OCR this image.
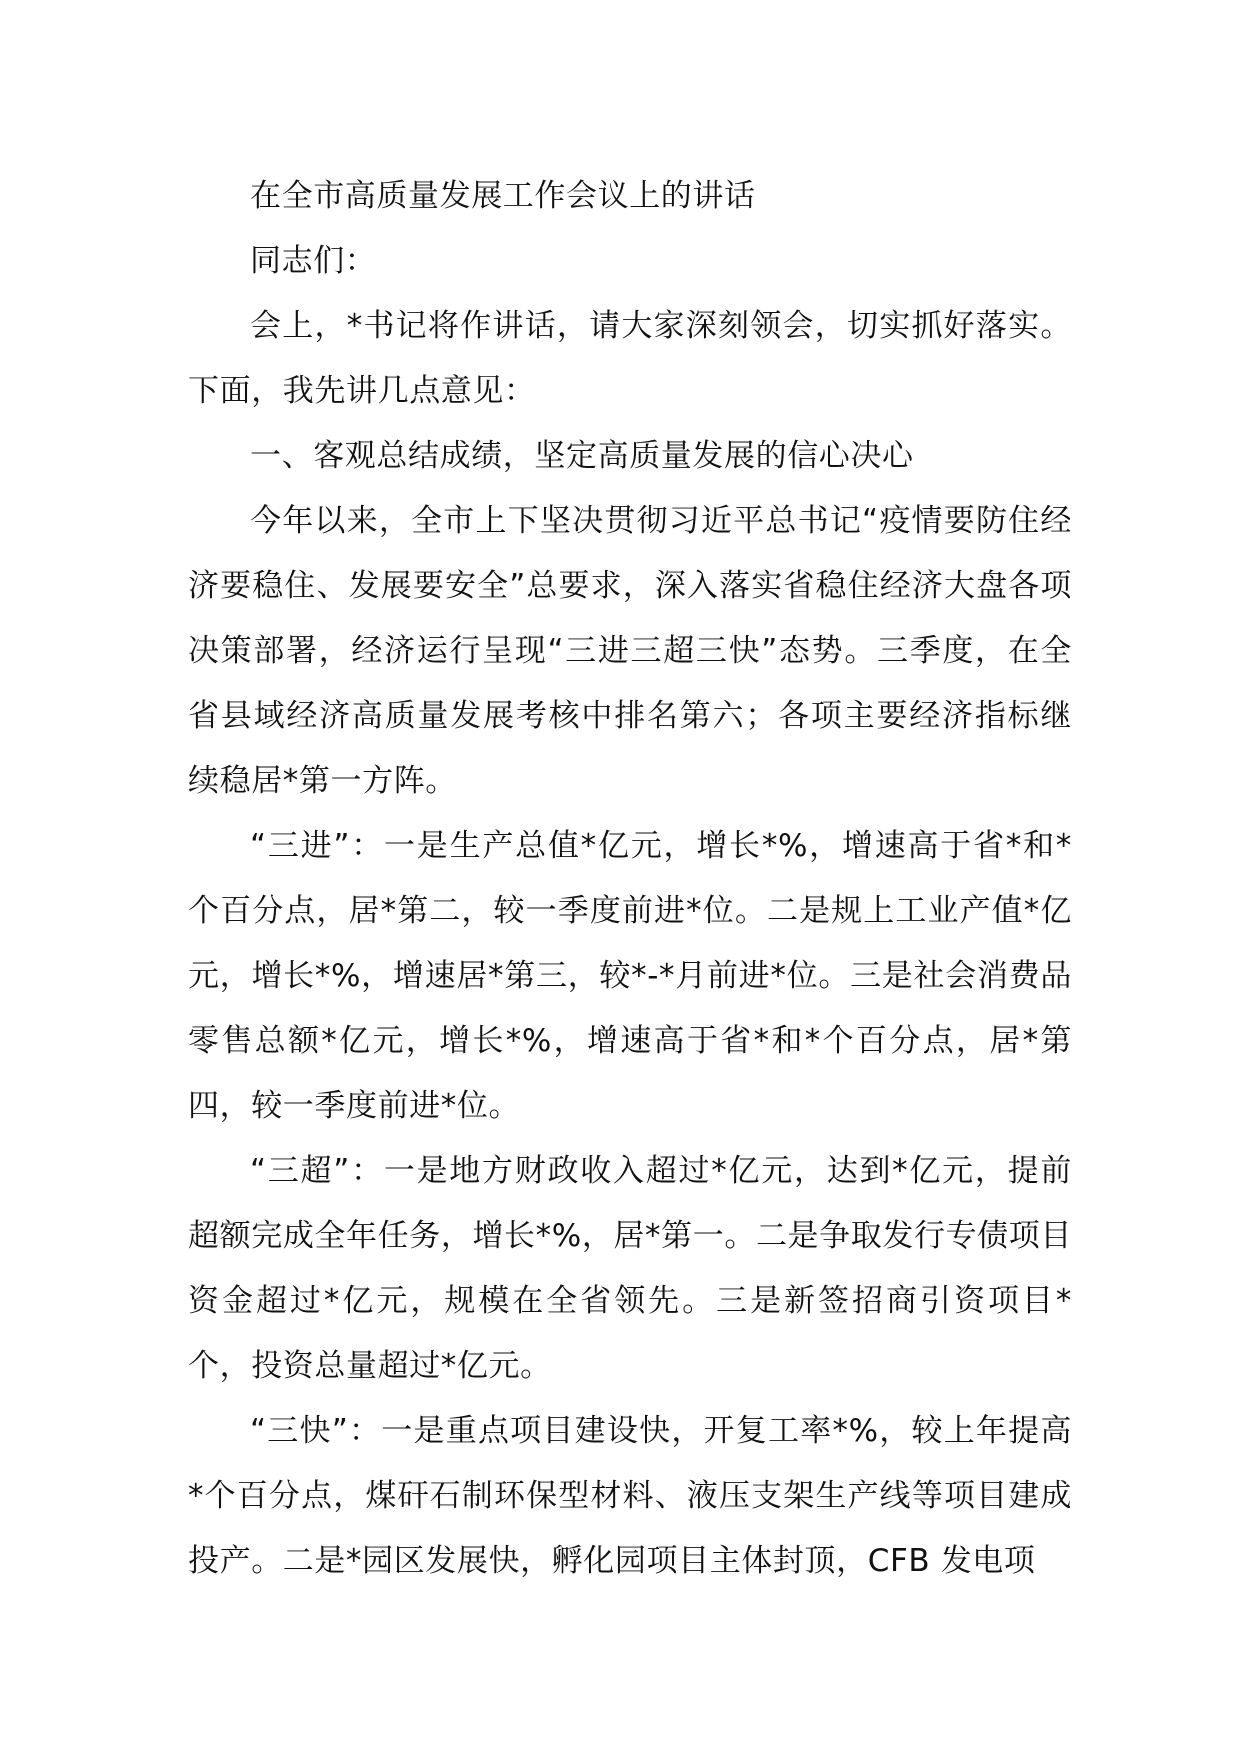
在全市高质量发展工作会议上的讲话

同志们：

会上，*书记将作讲话，请大家深刻领会，切实抓好落实。下面，我先讲几点意见：

一、客观总结成绩，坚定高质量发展的信心决心

今年以来，全市上下坚决贯彻习近平总书记“疫情要防住经济要稳住、发展要安全”总要求，深入落实省稳住经济大盘各项决策部署，经济运行呈现“三进三超三快”态势。三季度，在全省县域经济高质量发展考核中排名第六；各项主要经济指标继续稳居*第一方阵。

“三进”：一是生产总值*亿元，增长*%，增速高于省*和*个百分点，居*第二，较一季度前进*位。二是规上工业产值*亿元，增长*%，增速居*第三，较*-*月前进*位。三是社会消费品零售总额*亿元，增长*%，增速高于省*和*个百分点，居*第四，较一季度前进*位。

“三超”：一是地方财政收入超过*亿元，达到*亿元，提前超额完成全年任务，增长*%，居*第一。二是争取发行专债项目资金超过*亿元，规模在全省领先。三是新签招商引资项目*个，投资总量超过*亿元。

“三快”：一是重点项目建设快，开复工率*%，较上年提高*个百分点，煤矸石制环保型材料、液压支架生产线等项目建成投产。二是*园区发展快，孵化园项目主体封顶，CFB 发电项
